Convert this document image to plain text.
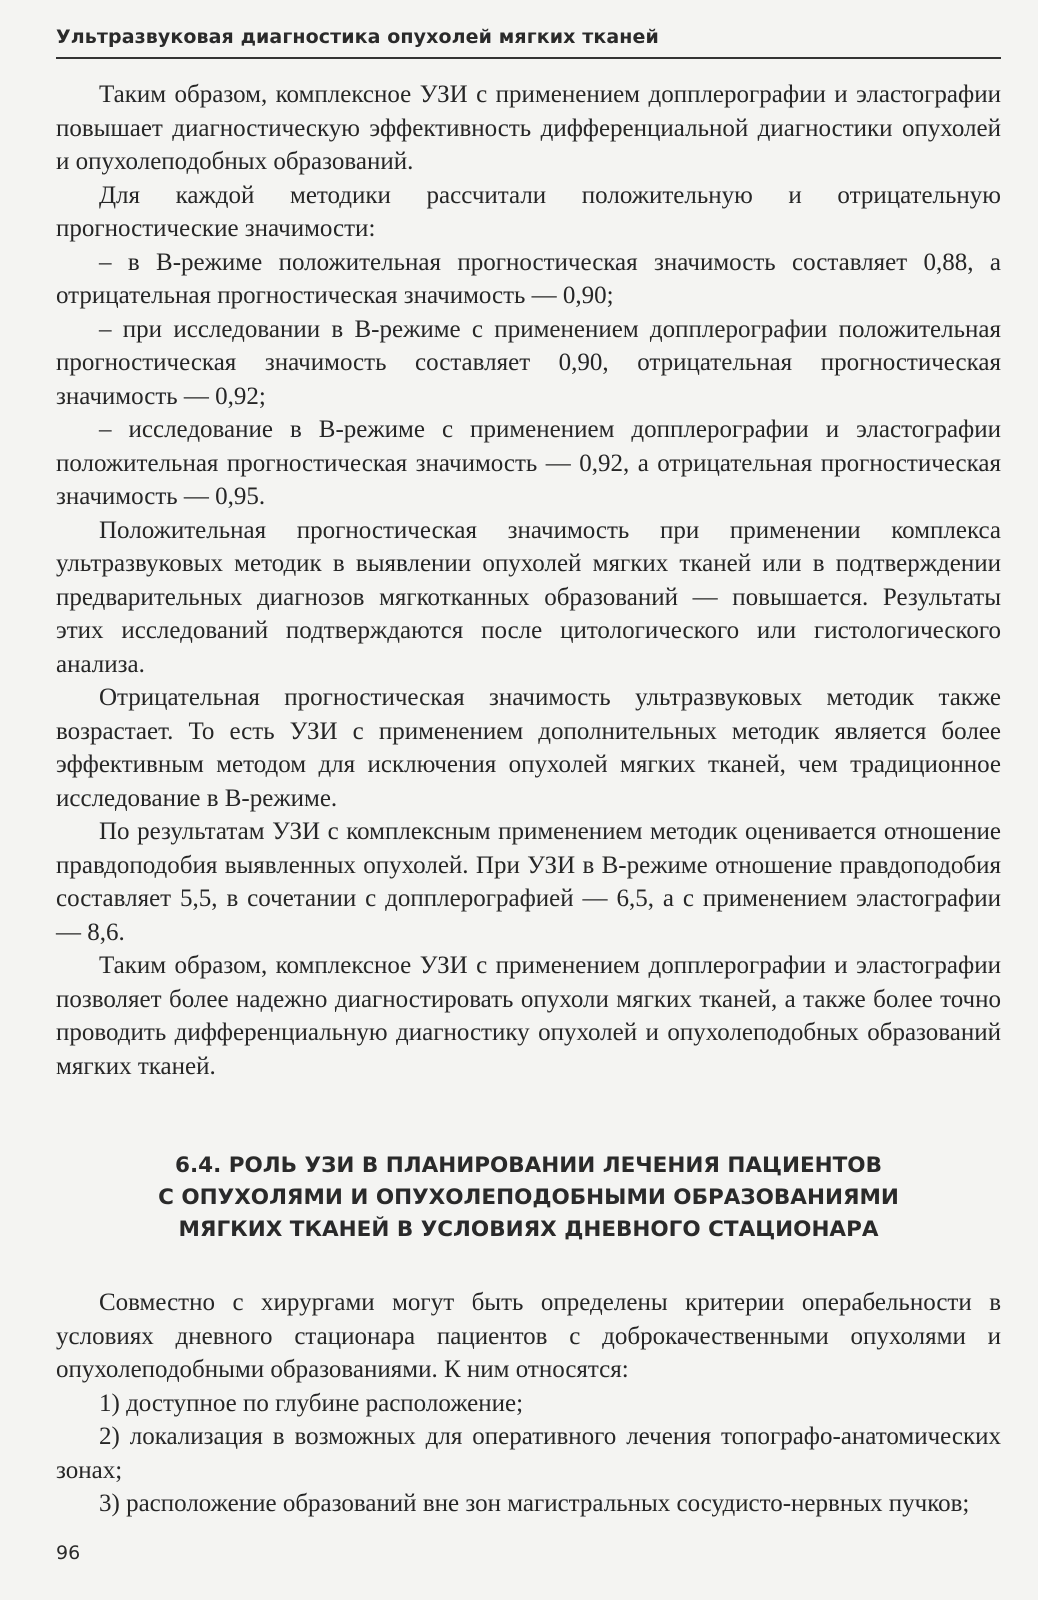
Ультразвуковая диагностика опухолей мягких тканей

Таким образом, комплексное УЗИ с применением допплерографии и эластографии повышает диагностическую эффективность дифференциальной диагностики опухолей и опухолеподобных образований.

Для каждой методики рассчитали положительную и отрицательную прогностические значимости:

– в В-режиме положительная прогностическая значимость составляет 0,88, а отрицательная прогностическая значимость — 0,90;

– при исследовании в В-режиме с применением допплерографии положительная прогностическая значимость составляет 0,90, отрицательная прогностическая значимость — 0,92;

– исследование в В-режиме с применением допплерографии и эластографии положительная прогностическая значимость — 0,92, а отрицательная прогностическая значимость — 0,95.

Положительная прогностическая значимость при применении комплекса ультразвуковых методик в выявлении опухолей мягких тканей или в подтверждении предварительных диагнозов мягкотканных образований — повышается. Результаты этих исследований подтверждаются после цитологического или гистологического анализа.

Отрицательная прогностическая значимость ультразвуковых методик также возрастает. То есть УЗИ с применением дополнительных методик является более эффективным методом для исключения опухолей мягких тканей, чем традиционное исследование в В-режиме.

По результатам УЗИ с комплексным применением методик оценивается отношение правдоподобия выявленных опухолей. При УЗИ в В-режиме отношение правдоподобия составляет 5,5, в сочетании с допплерографией — 6,5, а с применением эластографии — 8,6.

Таким образом, комплексное УЗИ с применением допплерографии и эластографии позволяет более надежно диагностировать опухоли мягких тканей, а также более точно проводить дифференциальную диагностику опухолей и опухолеподобных образований мягких тканей.

6.4. РОЛЬ УЗИ В ПЛАНИРОВАНИИ ЛЕЧЕНИЯ ПАЦИЕНТОВ
С ОПУХОЛЯМИ И ОПУХОЛЕПОДОБНЫМИ ОБРАЗОВАНИЯМИ
МЯГКИХ ТКАНЕЙ В УСЛОВИЯХ ДНЕВНОГО СТАЦИОНАРА

Совместно с хирургами могут быть определены критерии операбельности в условиях дневного стационара пациентов с доброкачественными опухолями и опухолеподобными образованиями. К ним относятся:

1) доступное по глубине расположение;

2) локализация в возможных для оперативного лечения топографо-анатомических зонах;

3) расположение образований вне зон магистральных сосудисто-нервных пучков;

96
